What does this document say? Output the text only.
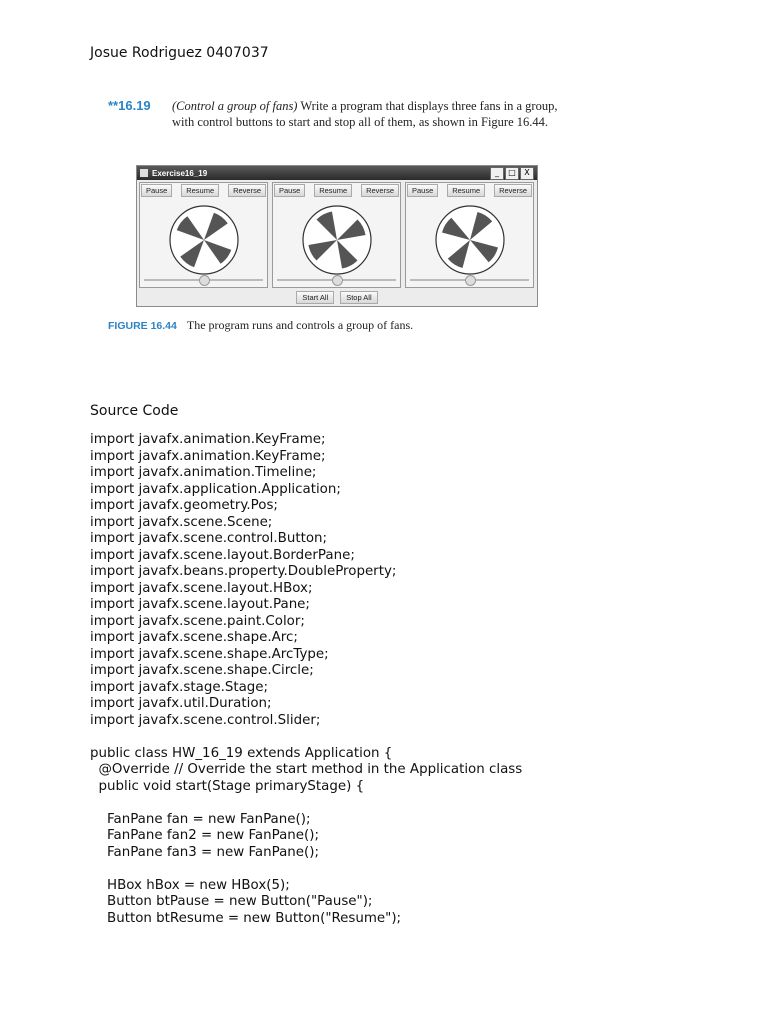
Josue Rodriguez 0407037
**16.19	(Control a group of fans) Write a program that displays three fans in a group,
with control buttons to start and stop all of them, as shown in Figure 16.44.
Exercise16_19	_	□	X
Pause	Resume	Reverse	Pause	Resume	Reverse	Pause	Resume	Reverse
Start All	Stop All
FIGURE 16.44 The program runs and controls a group of fans.
Source Code
import javafx.animation.KeyFrame;
import javafx.animation.KeyFrame;
import javafx.animation.Timeline;
import javafx.application.Application;
import javafx.geometry.Pos;
import javafx.scene.Scene;
import javafx.scene.control.Button;
import javafx.scene.layout.BorderPane;
import javafx.beans.property.DoubleProperty;
import javafx.scene.layout.HBox;
import javafx.scene.layout.Pane;
import javafx.scene.paint.Color;
import javafx.scene.shape.Arc;
import javafx.scene.shape.ArcType;
import javafx.scene.shape.Circle;
import javafx.stage.Stage;
import javafx.util.Duration;
import javafx.scene.control.Slider;

public class HW_16_19 extends Application {
@Override // Override the start method in the Application class
public void start(Stage primaryStage) {

FanPane fan = new FanPane();
FanPane fan2 = new FanPane();
FanPane fan3 = new FanPane();

HBox hBox = new HBox(5);
Button btPause = new Button("Pause");
Button btResume = new Button("Resume");
